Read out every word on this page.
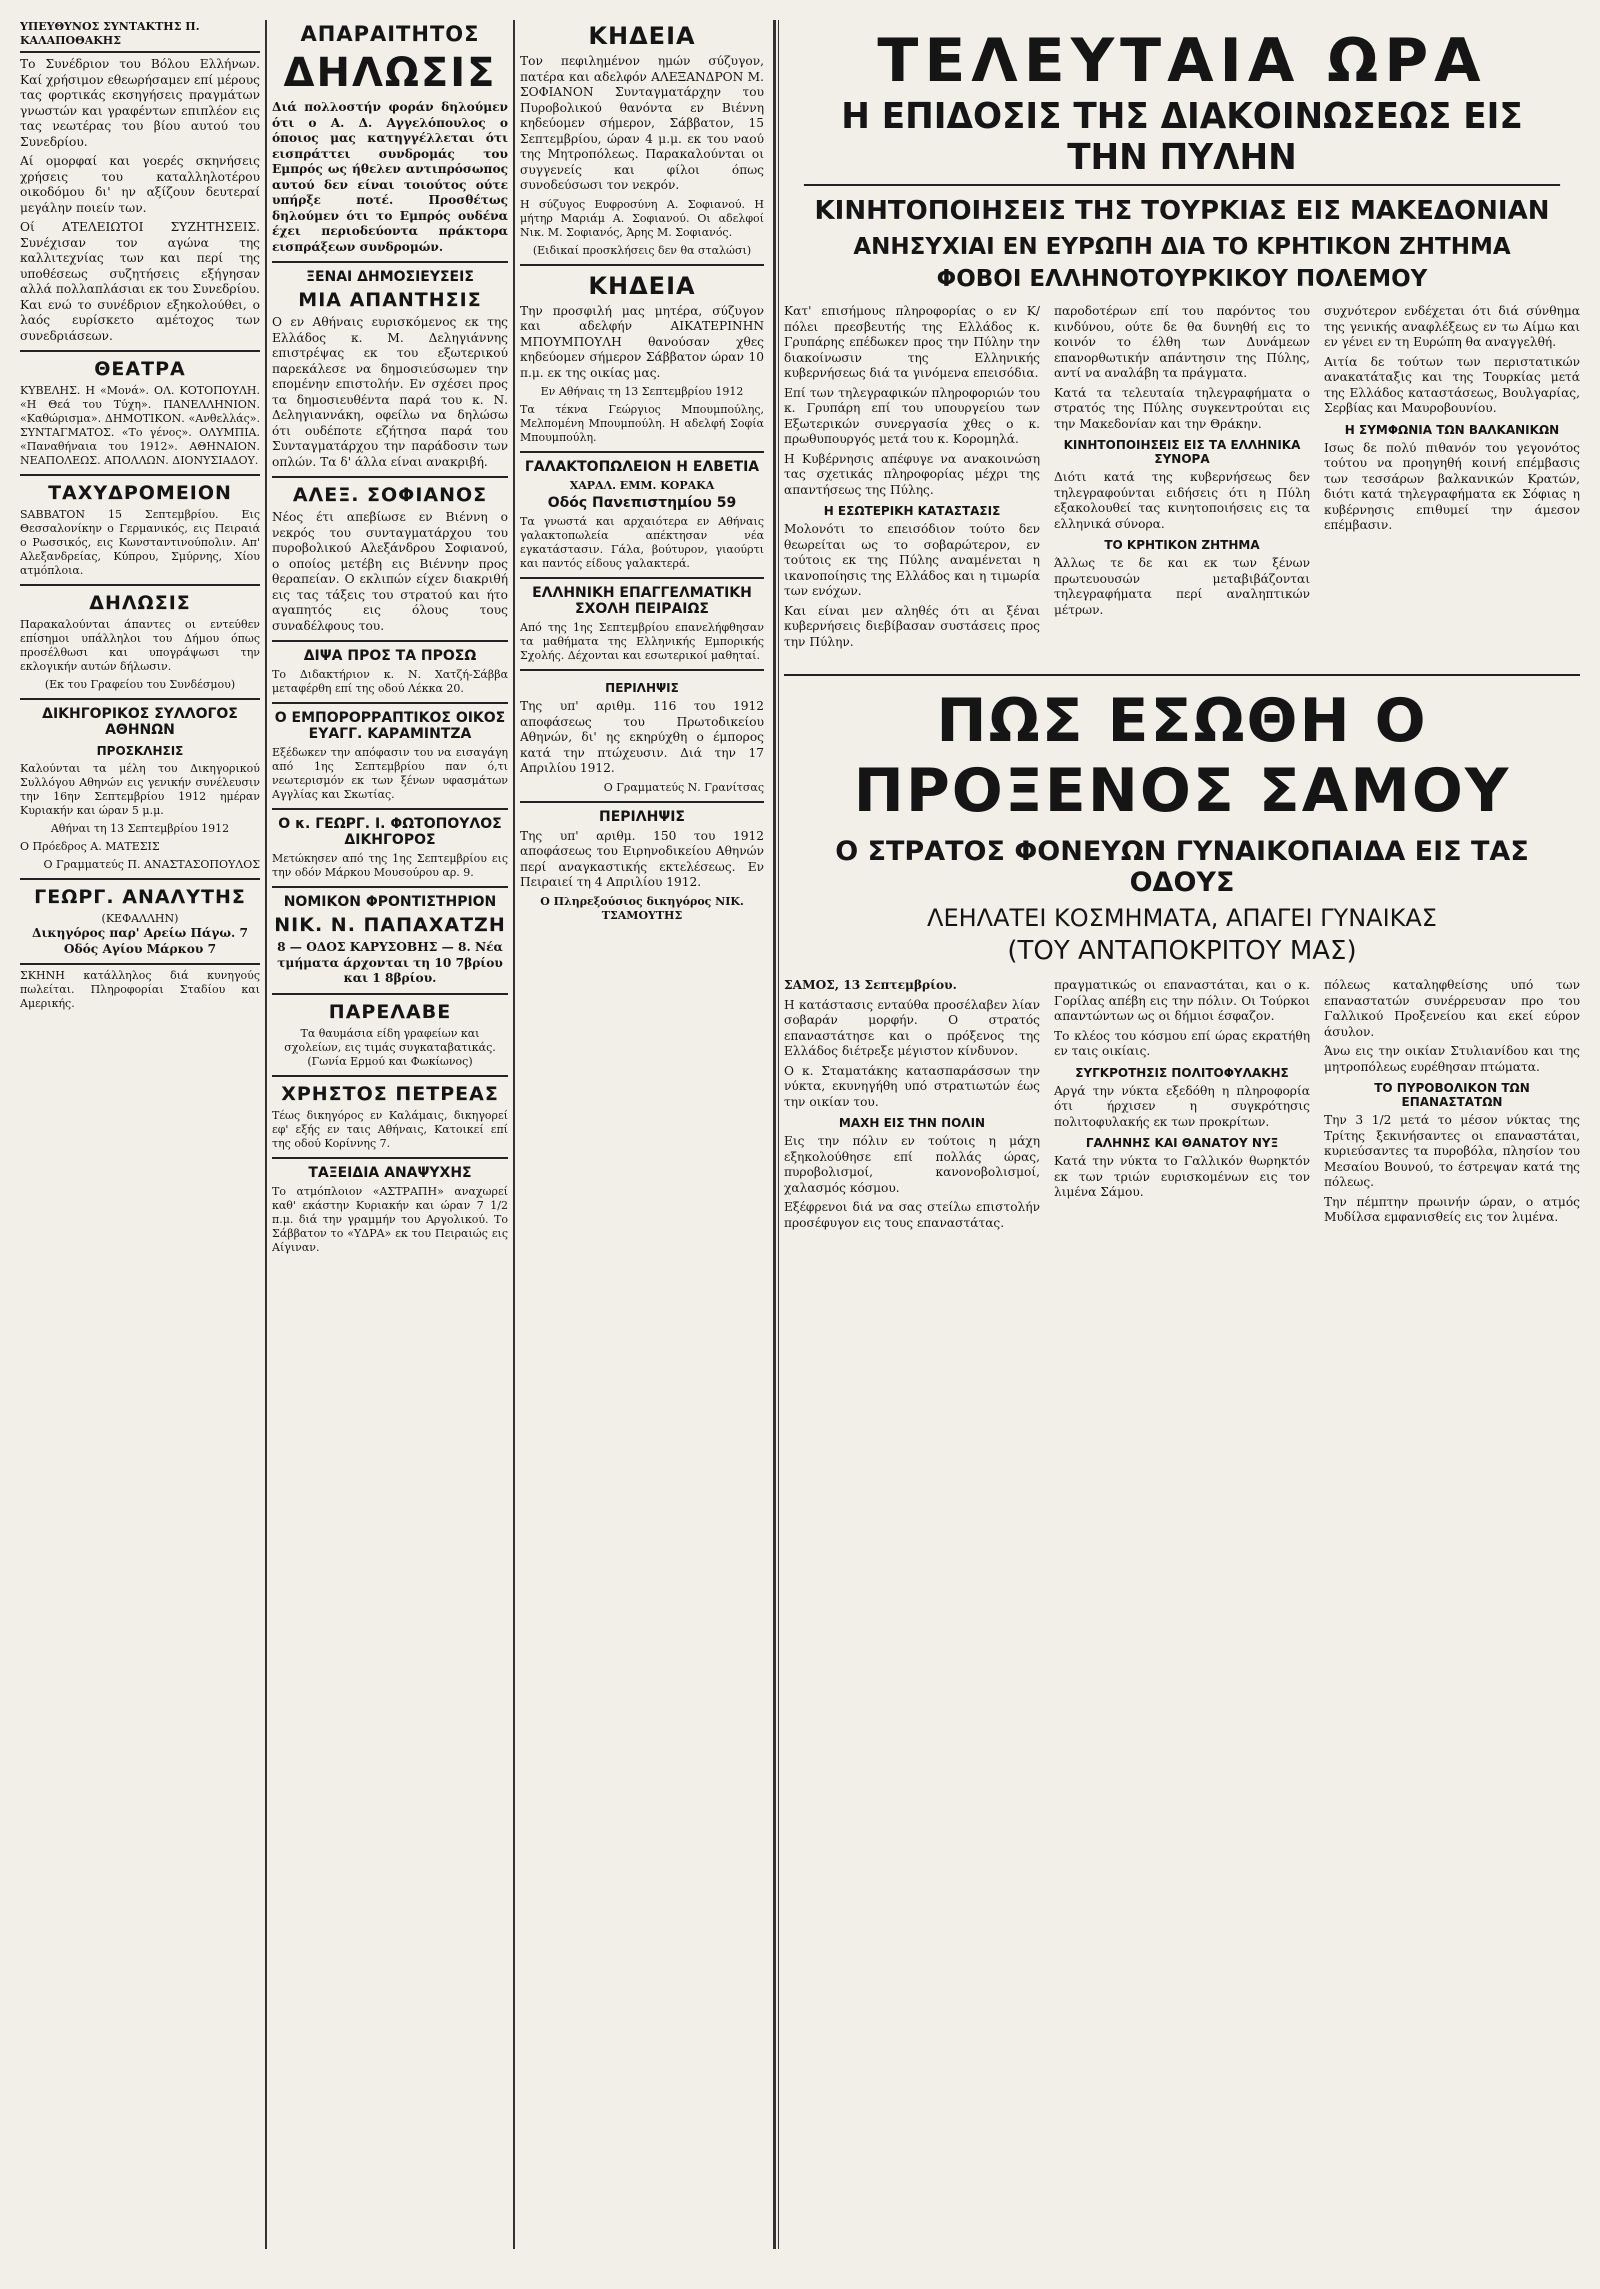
ΥΠΕΥΘΥΝΟΣ ΣΥΝΤΑΚΤΗΣ Π. ΚΑΛΑΠΟΘΑΚΗΣ

Το Συνέδριον του Βόλου Ελλήνων. Καί χρήσιμον εθεωρήσαμεν επί μέρους τας φορτικάς εκσηγήσεις πραγμάτων γνωστών και γραφέντων επιπλέον εις τας νεωτέρας του βίου αυτού του Συνεδρίου.

Αί ομορφαί και γοερές σκηνήσεις χρήσεις του καταλληλοτέρου οικοδόμου δι' ην αξίζουν δευτεραί μεγάλην ποιείν των.

Οί ΑΤΕΛΕΙΩΤΟΙ ΣΥΖΗΤΗΣΕΙΣ. Συνέχισαν τον αγώνα της καλλιτεχνίας των και περί της υποθέσεως συζητήσεις εξήγησαν αλλά πολλαπλάσιαι εκ του Συνεδρίου. Και ενώ το συνέδριον εξηκολούθει, ο λαός ευρίσκετο αμέτοχος των συνεδριάσεων.

ΘΕΑΤΡΑ

ΚΥΒΕΛΗΣ. Η «Μονά». ΟΛ. ΚΟΤΟΠΟΥΛΗ. «Η Θεά του Τύχη». ΠΑΝΕΛΛΗΝΙΟΝ. «Καθώρισμα». ΔΗΜΟΤΙΚΟΝ. «Ανθελλάς». ΣΥΝΤΑΓΜΑΤΟΣ. «Το γένος». ΟΛΥΜΠΙΑ. «Παναθήναια του 1912». ΑΘΗΝΑΙΟΝ. ΝΕΑΠΟΛΕΩΣ. ΑΠΟΛΛΩΝ. ΔΙΟΝΥΣΙΑΔΟΥ.

ΤΑΧΥΔΡΟΜΕΙΟΝ

SABBATON 15 Σεπτεμβρίου. Εις Θεσσαλονίκην ο Γερμανικός, εις Πειραιά ο Ρωσσικός, εις Κωνσταντινούπολιν. Απ' Αλεξανδρείας, Κύπρου, Σμύρνης, Χίου ατμόπλοια.

ΔΗΛΩΣΙΣ

Παρακαλούνται άπαντες οι εντεύθεν επίσημοι υπάλληλοι του Δήμου όπως προσέλθωσι και υπογράψωσι την εκλογικήν αυτών δήλωσιν.

(Εκ του Γραφείου του Συνδέσμου)

ΔΙΚΗΓΟΡΙΚΟΣ ΣΥΛΛΟΓΟΣ ΑΘΗΝΩΝ
ΠΡΟΣΚΛΗΣΙΣ

Καλούνται τα μέλη του Δικηγορικού Συλλόγου Αθηνών εις γενικήν συνέλευσιν την 16ην Σεπτεμβρίου 1912 ημέραν Κυριακήν και ώραν 5 μ.μ.

Αθήναι τη 13 Σεπτεμβρίου 1912

Ο Πρόεδρος Α. ΜΑΤΕΣΙΣ

Ο Γραμματεύς Π. ΑΝΑΣΤΑΣΟΠΟΥΛΟΣ

ΓΕΩΡΓ. ΑΝΑΛΥΤΗΣ
(ΚΕΦΑΛΛΗΝ)

Δικηγόρος παρ' Αρείω Πάγω. 7 Οδός Αγίου Μάρκου 7

ΣΚΗΝΗ κατάλληλος διά κυνηγούς πωλείται. Πληροφορίαι Σταδίου και Αμερικής.

ΑΠΑΡΑΙΤΗΤΟΣ
ΔΗΛΩΣΙΣ

Διά πολλοστήν φοράν δηλούμεν ότι ο Α. Δ. Αγγελόπουλος ο όποιος μας κατηγγέλλεται ότι εισπράττει συνδρομάς του Εμπρός ως ήθελεν αντιπρόσωπος αυτού δεν είναι τοιούτος ούτε υπήρξε ποτέ. Προσθέτως δηλούμεν ότι το Εμπρός ουδένα έχει περιοδεύοντα πράκτορα εισπράξεων συνδρομών.

ΞΕΝΑΙ ΔΗΜΟΣΙΕΥΣΕΙΣ
ΜΙΑ ΑΠΑΝΤΗΣΙΣ

Ο εν Αθήναις ευρισκόμενος εκ της Ελλάδος κ. Μ. Δεληγιάννης επιστρέψας εκ του εξωτερικού παρεκάλεσε να δημοσιεύσωμεν την επομένην επιστολήν. Εν σχέσει προς τα δημοσιευθέντα παρά του κ. Ν. Δεληγιαννάκη, οφείλω να δηλώσω ότι ουδέποτε εζήτησα παρά του Συνταγματάρχου την παράδοσιν των οπλών. Τα δ' άλλα είναι ανακριβή.

ΑΛΕΞ. ΣΟΦΙΑΝΟΣ

Νέος έτι απεβίωσε εν Βιέννη ο νεκρός του συνταγματάρχου του πυροβολικού Αλεξάνδρου Σοφιανού, ο οποίος μετέβη εις Βιέννην προς θεραπείαν. Ο εκλιπών είχεν διακριθή εις τας τάξεις του στρατού και ήτο αγαπητός εις όλους τους συναδέλφους του.

ΔΙΨΑ ΠΡΟΣ ΤΑ ΠΡΟΣΩ

Το Διδακτήριον κ. Ν. Χατζή-Σάββα μεταφέρθη επί της οδού Λέκκα 20.

Ο ΕΜΠΟΡΟΡΡΑΠΤΙΚΟΣ ΟΙΚΟΣ ΕΥΑΓΓ. ΚΑΡΑΜΙΝΤΖΑ

Εξέδωκεν την απόφασιν του να εισαγάγη από 1ης Σεπτεμβρίου παν ό,τι νεωτερισμόν εκ των ξένων υφασμάτων Αγγλίας και Σκωτίας.

Ο κ. ΓΕΩΡΓ. Ι. ΦΩΤΟΠΟΥΛΟΣ ΔΙΚΗΓΟΡΟΣ

Μετώκησεν από της 1ης Σεπτεμβρίου εις την οδόν Μάρκου Μουσούρου αρ. 9.

ΝΟΜΙΚΟΝ ΦΡΟΝΤΙΣΤΗΡΙΟΝ
ΝΙΚ. Ν. ΠΑΠΑΧΑΤΖΗ

8 — ΟΔΟΣ ΚΑΡΥΣΟΒΗΣ — 8. Νέα τμήματα άρχονται τη 10 7βρίου και 1 8βρίου.

ΠΑΡΕΛΑΒΕ

Τα θαυμάσια είδη γραφείων και σχολείων, εις τιμάς συγκαταβατικάς. (Γωνία Ερμού και Φωκίωνος)

ΧΡΗΣΤΟΣ ΠΕΤΡΕΑΣ

Τέως δικηγόρος εν Καλάμαις, δικηγορεί εφ' εξής εν ταις Αθήναις, Κατοικεί επί της οδού Κορίννης 7.

ΤΑΞΕΙΔΙΑ ΑΝΑΨΥΧΗΣ

Το ατμόπλοιον «ΑΣΤΡΑΠΗ» αναχωρεί καθ' εκάστην Κυριακήν και ώραν 7 1/2 π.μ. διά την γραμμήν του Αργολικού. Το Σάββατον το «ΥΔΡΑ» εκ του Πειραιώς εις Αίγιναν.

ΚΗΔΕΙΑ

Τον πεφιλημένον ημών σύζυγον, πατέρα και αδελφόν ΑΛΕΞΑΝΔΡΟΝ Μ. ΣΟΦΙΑΝΟΝ Συνταγματάρχην του Πυροβολικού θανόντα εν Βιέννη κηδεύομεν σήμερον, Σάββατον, 15 Σεπτεμβρίου, ώραν 4 μ.μ. εκ του ναού της Μητροπόλεως. Παρακαλούνται οι συγγενείς και φίλοι όπως συνοδεύσωσι τον νεκρόν.

Η σύζυγος Ευφροσύνη Α. Σοφιανού. Η μήτηρ Μαριάμ Α. Σοφιανού. Οι αδελφοί Νικ. Μ. Σοφιανός, Άρης Μ. Σοφιανός.

(Ειδικαί προσκλήσεις δεν θα σταλώσι)

ΚΗΔΕΙΑ

Την προσφιλή μας μητέρα, σύζυγον και αδελφήν ΑΙΚΑΤΕΡΙΝΗΝ ΜΠΟΥΜΠΟΥΛΗ θανούσαν χθες κηδεύομεν σήμερον Σάββατον ώραν 10 π.μ. εκ της οικίας μας.

Εν Αθήναις τη 13 Σεπτεμβρίου 1912

Τα τέκνα Γεώργιος Μπουμπούλης, Μελπομένη Μπουμπούλη. Η αδελφή Σοφία Μπουμπούλη.

ΓΑΛΑΚΤΟΠΩΛΕΙΟΝ Η ΕΛΒΕΤΙΑ
ΧΑΡΑΛ. ΕΜΜ. ΚΟΡΑΚΑ
Οδός Πανεπιστημίου 59

Τα γνωστά και αρχαιότερα εν Αθήναις γαλακτοπωλεία απέκτησαν νέα εγκατάστασιν. Γάλα, βούτυρον, γιαούρτι και παντός είδους γαλακτερά.

ΕΛΛΗΝΙΚΗ ΕΠΑΓΓΕΛΜΑΤΙΚΗ ΣΧΟΛΗ ΠΕΙΡΑΙΩΣ

Από της 1ης Σεπτεμβρίου επανελήφθησαν τα μαθήματα της Ελληνικής Εμπορικής Σχολής. Δέχονται και εσωτερικοί μαθηταί.

ΠΕΡΙΛΗΨΙΣ

Της υπ' αριθμ. 116 του 1912 αποφάσεως του Πρωτοδικείου Αθηνών, δι' ης εκηρύχθη ο έμπορος κατά την πτώχευσιν. Διά την 17 Απριλίου 1912.

Ο Γραμματεύς Ν. Γρανίτσας

ΠΕΡΙΛΗΨΙΣ

Της υπ' αριθμ. 150 του 1912 αποφάσεως του Ειρηνοδικείου Αθηνών περί αναγκαστικής εκτελέσεως. Εν Πειραιεί τη 4 Απριλίου 1912.

Ο Πληρεξούσιος δικηγόρος ΝΙΚ. ΤΣΑΜΟΥΤΗΣ

ΤΕΛΕΥΤΑΙΑ ΩΡΑ
Η ΕΠΙΔΟΣΙΣ ΤΗΣ ΔΙΑΚΟΙΝΩΣΕΩΣ ΕΙΣ ΤΗΝ ΠΥΛΗΝ
ΚΙΝΗΤΟΠΟΙΗΣΕΙΣ ΤΗΣ ΤΟΥΡΚΙΑΣ ΕΙΣ ΜΑΚΕΔΟΝΙΑΝ
ΑΝΗΣΥΧΙΑΙ ΕΝ ΕΥΡΩΠΗ ΔΙΑ ΤΟ ΚΡΗΤΙΚΟΝ ΖΗΤΗΜΑ
ΦΟΒΟΙ ΕΛΛΗΝΟΤΟΥΡΚΙΚΟΥ ΠΟΛΕΜΟΥ

Κατ' επισήμους πληροφορίας ο εν Κ/πόλει πρεσβευτής της Ελλάδος κ. Γρυπάρης επέδωκεν προς την Πύλην την διακοίνωσιν της Ελληνικής κυβερνήσεως διά τα γινόμενα επεισόδια.

Επί των τηλεγραφικών πληροφοριών του κ. Γρυπάρη επί του υπουργείου των Εξωτερικών συνεργασία χθες ο κ. πρωθυπουργός μετά του κ. Κορομηλά.

Η Κυβέρνησις απέφυγε να ανακοινώση τας σχετικάς πληροφορίας μέχρι της απαντήσεως της Πύλης.

Η ΕΣΩΤΕΡΙΚΗ ΚΑΤΑΣΤΑΣΙΣ

Μολονότι το επεισόδιον τούτο δεν θεωρείται ως το σοβαρώτερον, εν τούτοις εκ της Πύλης αναμένεται η ικανοποίησις της Ελλάδος και η τιμωρία των ενόχων.

Και είναι μεν αληθές ότι αι ξέναι κυβερνήσεις διεβίβασαν συστάσεις προς την Πύλην.

παροδοτέρων επί του παρόντος του κινδύνου, ούτε δε θα δυνηθή εις το κοινόν το έλθη των Δυνάμεων επανορθωτικήν απάντησιν της Πύλης, αντί να αναλάβη τα πράγματα.

Κατά τα τελευταία τηλεγραφήματα ο στρατός της Πύλης συγκεντρούται εις την Μακεδονίαν και την Θράκην.

ΚΙΝΗΤΟΠΟΙΗΣΕΙΣ ΕΙΣ ΤΑ ΕΛΛΗΝΙΚΑ ΣΥΝΟΡΑ

Διότι κατά της κυβερνήσεως δεν τηλεγραφούνται ειδήσεις ότι η Πύλη εξακολουθεί τας κινητοποιήσεις εις τα ελληνικά σύνορα.

ΤΟ ΚΡΗΤΙΚΟΝ ΖΗΤΗΜΑ

Άλλως τε δε και εκ των ξένων πρωτευουσών μεταβιβάζονται τηλεγραφήματα περί αναληπτικών μέτρων.

συχνότερον ενδέχεται ότι διά σύνθημα της γενικής αναφλέξεως εν τω Αίμω και εν γένει εν τη Ευρώπη θα αναγγελθή.

Αιτία δε τούτων των περιστατικών ανακατάταξις και της Τουρκίας μετά της Ελλάδος καταστάσεως, Βουλγαρίας, Σερβίας και Μαυροβουνίου.

Η ΣΥΜΦΩΝΙΑ ΤΩΝ ΒΑΛΚΑΝΙΚΩΝ

Ισως δε πολύ πιθανόν του γεγονότος τούτου να προηγηθή κοινή επέμβασις των τεσσάρων βαλκανικών Κρατών, διότι κατά τηλεγραφήματα εκ Σόφιας η κυβέρνησις επιθυμεί την άμεσον επέμβασιν.

ΠΩΣ ΕΣΩΘΗ Ο ΠΡΟΞΕΝΟΣ ΣΑΜΟΥ
Ο ΣΤΡΑΤΟΣ ΦΟΝΕΥΩΝ ΓΥΝΑΙΚΟΠΑΙΔΑ ΕΙΣ ΤΑΣ ΟΔΟΥΣ
ΛΕΗΛΑΤΕΙ ΚΟΣΜΗΜΑΤΑ, ΑΠΑΓΕΙ ΓΥΝΑΙΚΑΣ
(ΤΟΥ ΑΝΤΑΠΟΚΡΙΤΟΥ ΜΑΣ)

ΣΑΜΟΣ, 13 Σεπτεμβρίου.

Η κατάστασις ενταύθα προσέλαβεν λίαν σοβαράν μορφήν. Ο στρατός επαναστάτησε και ο πρόξενος της Ελλάδος διέτρεξε μέγιστον κίνδυνον.

Ο κ. Σταματάκης κατασπαράσσων την νύκτα, εκυνηγήθη υπό στρατιωτών έως την οικίαν του.

ΜΑΧΗ ΕΙΣ ΤΗΝ ΠΟΛΙΝ

Εις την πόλιν εν τούτοις η μάχη εξηκολούθησε επί πολλάς ώρας, πυροβολισμοί, κανονοβολισμοί, χαλασμός κόσμου.

Εξέφρενοι διά να σας στείλω επιστολήν προσέφυγον εις τους επαναστάτας.

πραγματικώς οι επαναστάται, και ο κ. Γορίλας απέβη εις την πόλιν. Οι Τούρκοι απαντώντων ως οι δήμιοι έσφαζον.

Το κλέος του κόσμου επί ώρας εκρατήθη εν ταις οικίαις.

ΣΥΓΚΡΟΤΗΣΙΣ ΠΟΛΙΤΟΦΥΛΑΚΗΣ

Αργά την νύκτα εξεδόθη η πληροφορία ότι ήρχισεν η συγκρότησις πολιτοφυλακής εκ των προκρίτων.

ΓΑΛΗΝΗΣ ΚΑΙ ΘΑΝΑΤΟΥ ΝΥΞ

Κατά την νύκτα το Γαλλικόν θωρηκτόν εκ των τριών ευρισκομένων εις τον λιμένα Σάμου.

πόλεως καταληφθείσης υπό των επαναστατών συνέρρευσαν προ του Γαλλικού Προξενείου και εκεί εύρον άσυλον.

Άνω εις την οικίαν Στυλιανίδου και της μητροπόλεως ευρέθησαν πτώματα.

ΤΟ ΠΥΡΟΒΟΛΙΚΟΝ ΤΩΝ ΕΠΑΝΑΣΤΑΤΩΝ

Την 3 1/2 μετά το μέσον νύκτας της Τρίτης ξεκινήσαντες οι επαναστάται, κυριεύσαντες τα πυροβόλα, πλησίον του Μεσαίου Βουνού, το έστρεψαν κατά της πόλεως.

Την πέμπτην πρωινήν ώραν, ο ατμός Μυδίλσα εμφανισθείς εις τον λιμένα.
